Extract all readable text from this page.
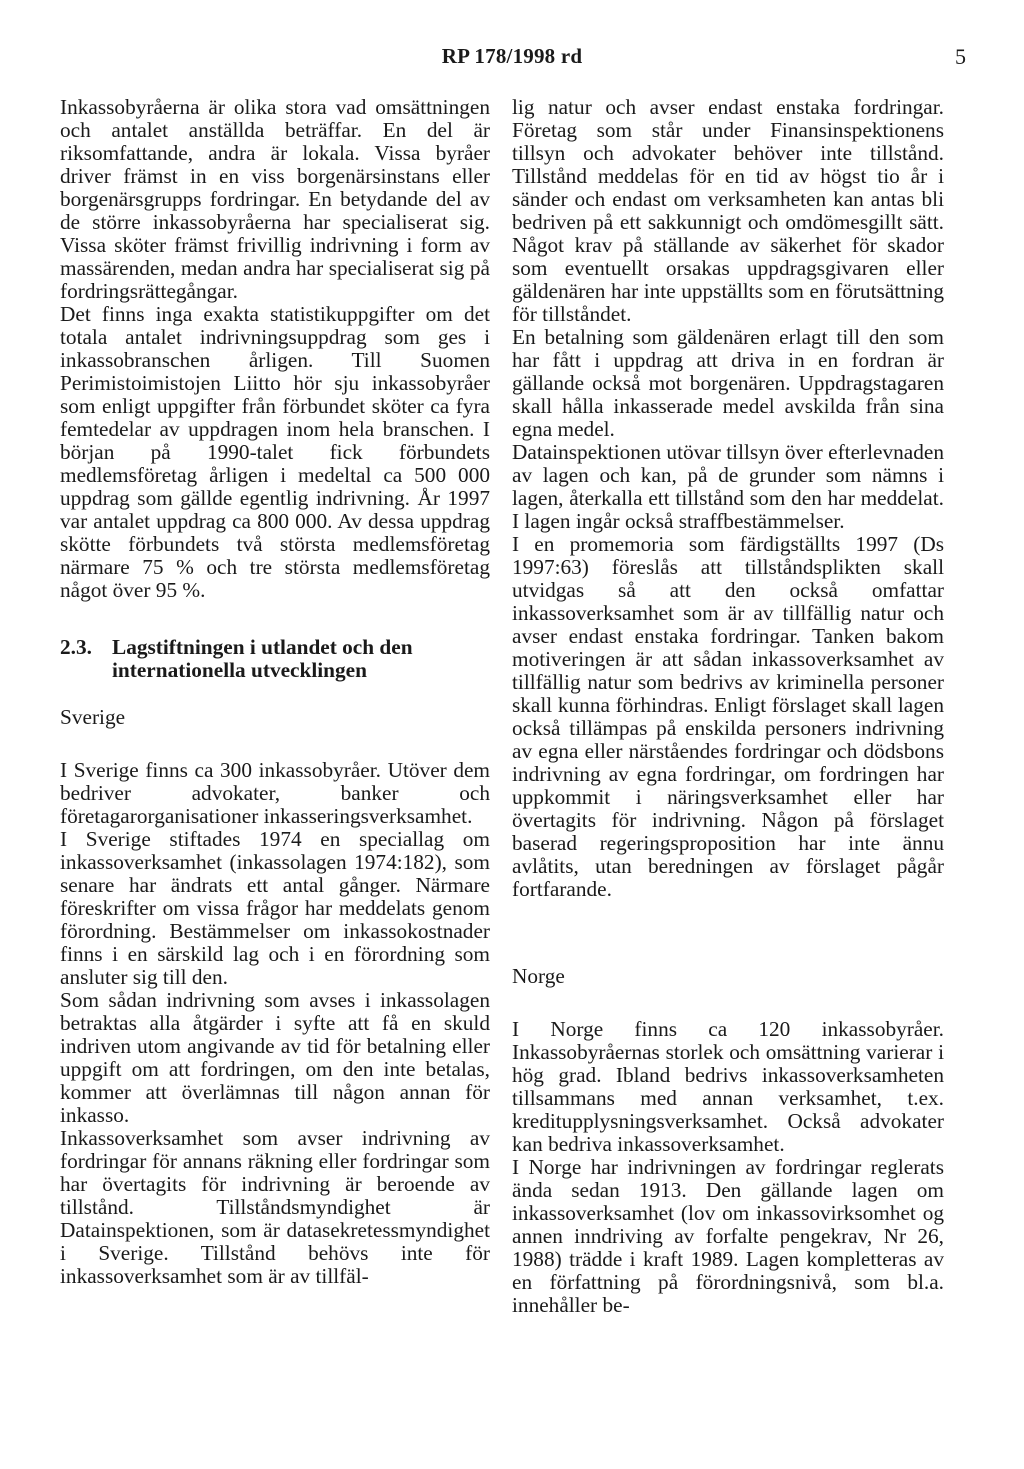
RP 178/1998 rd	5

Inkassobyråerna är olika stora vad omsättningen och antalet anställda beträffar. En del är riksomfattande, andra är lokala. Vissa byråer driver främst in en viss borgenärsinstans eller borgenärsgrupps fordringar. En betydande del av de större inkassobyråerna har specialiserat sig. Vissa sköter främst frivillig indrivning i form av massärenden, medan andra har specialiserat sig på fordringsrättegångar.

Det finns inga exakta statistikuppgifter om det totala antalet indrivningsuppdrag som ges i inkassobranschen årligen. Till Suomen Perimistoimistojen Liitto hör sju inkassobyråer som enligt uppgifter från förbundet sköter ca fyra femtedelar av uppdragen inom hela branschen. I början på 1990-talet fick förbundets medlemsföretag årligen i medeltal ca 500 000 uppdrag som gällde egentlig indrivning. År 1997 var antalet uppdrag ca 800 000. Av dessa uppdrag skötte förbundets två största medlemsföretag närmare 75 % och tre största medlemsföretag något över 95 %.

2.3. Lagstiftningen i utlandet och den internationella utvecklingen
Sverige

I Sverige finns ca 300 inkassobyråer. Utöver dem bedriver advokater, banker och företagarorganisationer inkasseringsverksamhet.

I Sverige stiftades 1974 en speciallag om inkassoverksamhet (inkassolagen 1974:182), som senare har ändrats ett antal gånger. Närmare föreskrifter om vissa frågor har meddelats genom förordning. Bestämmelser om inkassokostnader finns i en särskild lag och i en förordning som ansluter sig till den.

Som sådan indrivning som avses i inkassolagen betraktas alla åtgärder i syfte att få en skuld indriven utom angivande av tid för betalning eller uppgift om att fordringen, om den inte betalas, kommer att överlämnas till någon annan för inkasso.

Inkassoverksamhet som avser indrivning av fordringar för annans räkning eller fordringar som har övertagits för indrivning är beroende av tillstånd. Tillståndsmyndighet är Datainspektionen, som är datasekretessmyndighet i Sverige. Tillstånd behövs inte för inkassoverksamhet som är av tillfäl-

lig natur och avser endast enstaka fordringar. Företag som står under Finansinspektionens tillsyn och advokater behöver inte tillstånd. Tillstånd meddelas för en tid av högst tio år i sänder och endast om verksamheten kan antas bli bedriven på ett sakkunnigt och omdömesgillt sätt. Något krav på ställande av säkerhet för skador som eventuellt orsakas uppdragsgivaren eller gäldenären har inte uppställts som en förutsättning för tillståndet.

En betalning som gäldenären erlagt till den som har fått i uppdrag att driva in en fordran är gällande också mot borgenären. Uppdragstagaren skall hålla inkasserade medel avskilda från sina egna medel.

Datainspektionen utövar tillsyn över efterlevnaden av lagen och kan, på de grunder som nämns i lagen, återkalla ett tillstånd som den har meddelat. I lagen ingår också straffbestämmelser.

I en promemoria som färdigställts 1997 (Ds 1997:63) föreslås att tillståndsplikten skall utvidgas så att den också omfattar inkassoverksamhet som är av tillfällig natur och avser endast enstaka fordringar. Tanken bakom motiveringen är att sådan inkassoverksamhet av tillfällig natur som bedrivs av kriminella personer skall kunna förhindras. Enligt förslaget skall lagen också tillämpas på enskilda personers indrivning av egna eller närståendes fordringar och dödsbons indrivning av egna fordringar, om fordringen har uppkommit i näringsverksamhet eller har övertagits för indrivning. Någon på förslaget baserad regeringsproposition har inte ännu avlåtits, utan beredningen av förslaget pågår fortfarande.

Norge

I Norge finns ca 120 inkassobyråer. Inkassobyråernas storlek och omsättning varierar i hög grad. Ibland bedrivs inkassoverksamheten tillsammans med annan verksamhet, t.ex. kreditupplysningsverksamhet. Också advokater kan bedriva inkassoverksamhet.

I Norge har indrivningen av fordringar reglerats ända sedan 1913. Den gällande lagen om inkassoverksamhet (lov om inkassovirksomhet og annen inndriving av forfalte pengekrav, Nr 26, 1988) trädde i kraft 1989. Lagen kompletteras av en författning på förordningsnivå, som bl.a. innehåller be-
